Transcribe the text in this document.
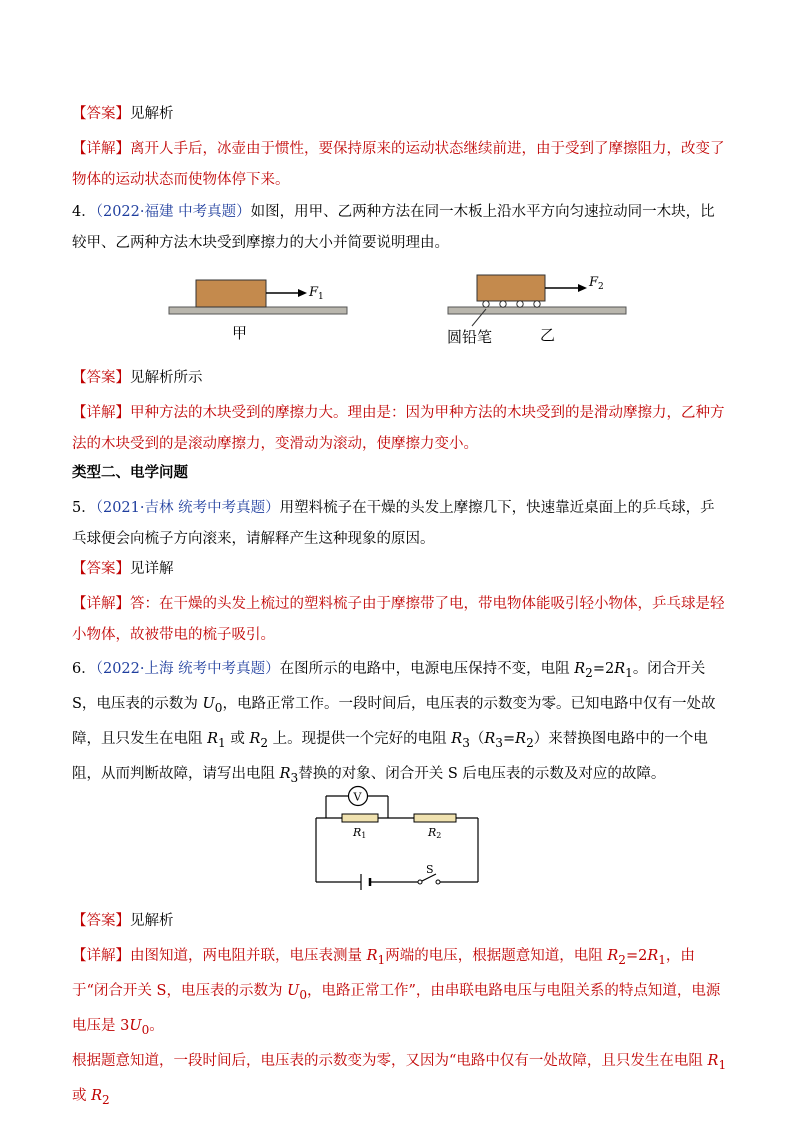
【答案】见解析

【详解】离开人手后，冰壶由于惯性，要保持原来的运动状态继续前进，由于受到了摩擦阻力，改变了物体的运动状态而使物体停下来。

4．（2022·福建 中考真题）如图，用甲、乙两种方法在同一木板上沿水平方向匀速拉动同一木块，比较甲、乙两种方法木块受到摩擦力的大小并简要说明理由。

$F_1$
甲
$F_2$
圆铅笔	乙

【答案】见解析所示

【详解】甲种方法的木块受到的摩擦力大。理由是：因为甲种方法的木块受到的是滑动摩擦力，乙种方法的木块受到的是滚动摩擦力，变滑动为滚动，使摩擦力变小。

类型二、电学问题

5．（2021·吉林 统考中考真题）用塑料梳子在干燥的头发上摩擦几下，快速靠近桌面上的乒乓球，乒乓球便会向梳子方向滚来，请解释产生这种现象的原因。

【答案】见详解

【详解】答：在干燥的头发上梳过的塑料梳子由于摩擦带了电，带电物体能吸引轻小物体，乒乓球是轻小物体，故被带电的梳子吸引。

6．（2022·上海 统考中考真题）在图所示的电路中，电源电压保持不变，电阻 $R_2=2R_1$。闭合开关 S，电压表的示数为 $U_0$，电路正常工作。一段时间后，电压表的示数变为零。已知电路中仅有一处故障，且只发生在电阻 $R_1$ 或 $R_2$ 上。现提供一个完好的电阻 $R_3(R_3=R_2)$来替换图电路中的一个电阻，从而判断故障，请写出电阻 $R_3$替换的对象、闭合开关 S 后电压表的示数及对应的故障。

V
R1	R2
S

【答案】见解析

【详解】由图知道，两电阻并联，电压表测量 $R_1$两端的电压，根据题意知道，电阻 $R_2=2R_1$，由于“闭合开关 S，电压表的示数为 $U_0$，电路正常工作”，由串联电路电压与电阻关系的特点知道，电源电压是 $3U_0$。
根据题意知道，一段时间后，电压表的示数变为零，又因为“电路中仅有一处故障，且只发生在电阻 $R_1$ 或 $R_2$
